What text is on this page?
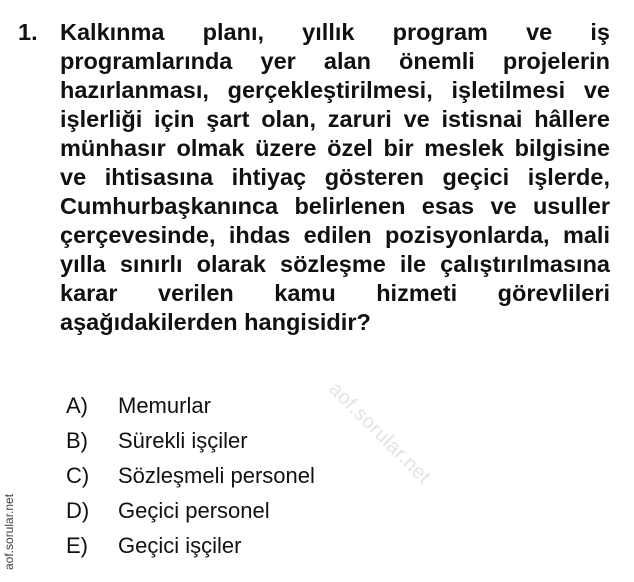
aof.sorular.net
1. Kalkınma planı, yıllık program ve iş programlarında yer alan önemli projelerin hazırlanması, gerçekleştirilmesi, işletilmesi ve işlerliği için şart olan, zaruri ve istisnai hâllere münhasır olmak üzere özel bir meslek bilgisine ve ihtisasına ihtiyaç gösteren geçici işlerde, Cumhurbaşkanınca belirlenen esas ve usuller çerçevesinde, ihdas edilen pozisyonlarda, mali yılla sınırlı olarak sözleşme ile çalıştırılmasına karar verilen kamu hizmeti görevlileri aşağıdakilerden hangisidir?
A)	Memurlar
B)	Sürekli işçiler
C)	Sözleşmeli personel
D)	Geçici personel
E)	Geçici işçiler
aof.sorular.net
